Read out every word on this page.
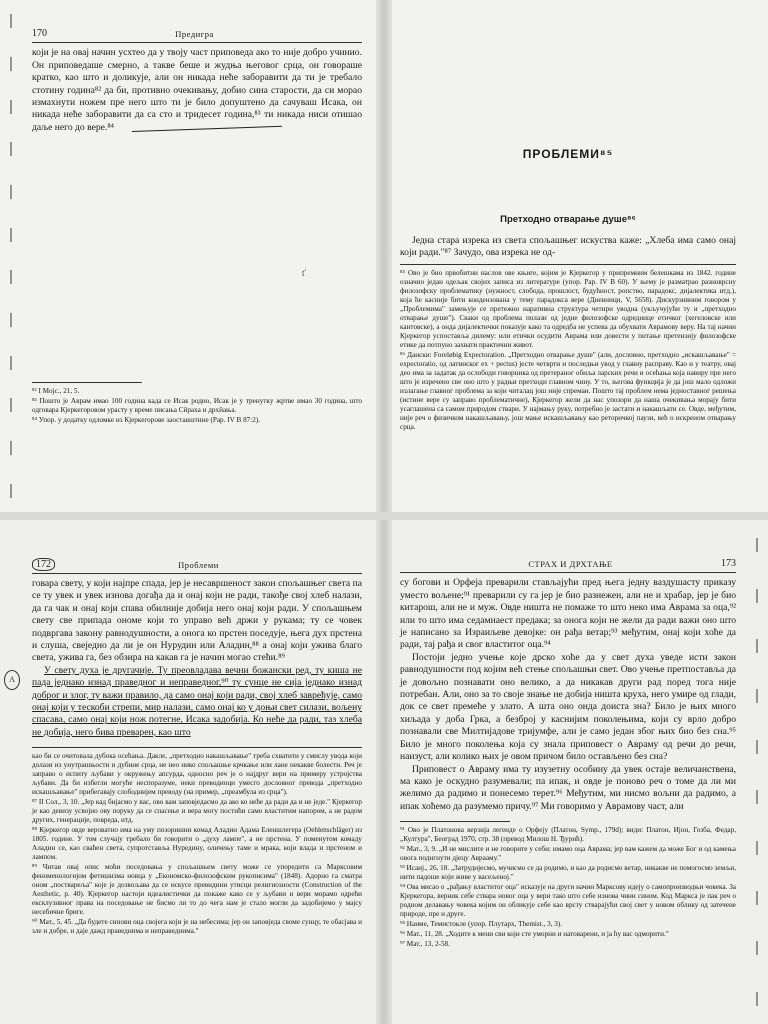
170	Предигра

који је на овај начин усхтео да у твоју част приповеда ако то није добро учинио. Он приповедаше смерно, а такве беше и жудња његовог срца, он говораше кратко, као што и доликује, али он никада неће заборавити да ти је требало стотину година⁸² да би, противно очекивању, добио сина старости, да си морао измахнути ножем пре него што ти је било допуштено да сачуваш Исака, он никада неће заборавити да са сто и тридесет година,⁸³ ти никада ниси отишао даље него до вере.⁸⁴

⁸² I Moјс., 21, 5.

⁸³ Пошто је Аврам имао 100 година када се Исак родио, Исак је у тренутку жртве имао 30 година, што одговара Кјеркегоровом урасту у време писања Сйраха и дрхйања.

⁸⁴ Упор. у додатку одломке из Кјеркегорове заоставштине (Pap. IV B 87:2).

ť
ПРОБЛЕМИ⁸⁵
Претходно отварање душе⁸⁶

Једна стара изрека из света спољашњег искуства каже: „Хлеба има само онај који ради."⁸⁷ Зачудо, ова изрека не од-

⁸⁵ Ово је био првобитни наслов ове књиге, којим је Кјеркегор у припремним белешкама из 1842. године означио један одељак својих записа из литературе (упор. Pap. IV B 60). У њему је разматрао разноврсну филозофску проблематику (нужност, слобода, прошлост, будућност, ропство, парадокс, дијалектика итд.), која ће касније бити кондензована у тему парадокса вере (Дневници, V, 5658). Дискурзивним говором у „Проблемима" замењује се претежно наративна структура четири уводна (укључујући ту и „претходно отварање душе"). Сваки од проблема полази од једне филозофске одреднице етичког (хегеловске или кантовске), а онда дијалектички показује како та одредба не успева да обухвати Аврамову веру. На тај начин Кјеркегор успоставља дилему: или етички осудити Аврама или довести у питање претензију филозофске етике да потпуно захвати практични живот.

⁸⁶ Дански: Foreløbig Expectoration. „Претходно отварање душе" (али, дословно, претходно „искашљавање" = expectoratio, од латинског ex + pectus) јесте четврти и последњи увод у главну расправу. Као и у театру, овај део има за задатак да ослободи говорника од претераног обиља ларских речи и осећања која навиру пре него што је изречено све оно што у радњи претходи главном чину. У то, његова функција је да још мало одложи излагање главног проблема за који читалац још није спреман. Пошто тај проблем нема једноставног решења (истине вере су заправо проблематичне), Кјеркегор жели да нас упозори да наша очекивања морају бити усаглашена са самом природом ствари. У најмању руку, потребно је застати и накашљати се. Овде, међутим, није реч о физичком накашљавању, још мање искашљавању као реторичкој паузи, већ о искреном отварању срца.

172	Проблеми

говара свету, у који најпре спада, јер је несавршеност закон спољашњег света па се ту увек и увек изнова догађа да и онај који не ради, такође свој хлеб налази, да га чак и онај који спава обилније добија него онај који ради. У спољашњем свету све припада ономе који то управо већ држи у рукама; ту се човек подвргава закону равнодушности, а онога ко прстен поседује, њега дух прстена и слуша, свеједно да ли је он Нурудин или Аладин,⁸⁸ а онај који ужива благо света, ужива га, без обзира на какав га је начин могао стећи.⁸⁹

У свету духа је другачије. Ту преовладава вечни божански ред, ту киша не пада једнако изнад праведног и неправедног,⁹⁰ ту сунце не сија једнако изнад доброг и злог, ту важи правило, да само онај који ради, свој хлеб заврећује, само онај који у тескоби стрепи, мир налази, само онај ко у доњи свет силази, вољену спасава, само онај који нож потегне, Исака задобија. Ко неће да ради, таз хлеба не добија, него бива преварен, као што

као би се очитовала дубока осећања. Дакле, „претходно накашљавање" треба схватити у смислу увода који долази из унутрашњости и дубине срца, не нео нико спољашње крчкање или лане некакве болести. Реч је заправо о испиту љубави у окружењу апсурда, односно реч је о најдруг вери на примеру устројства љубави. Да би избегли могуће неспоразуме, неки преводиоци умесго дословног превода „претходно искашљавање" прибегавају слободнијем преводу (на пример, „преамбула из срца").

⁸⁷ II Сол., 3, 10. „Јер кад бијасмо у вас, ово вам заповједасмо да ако ко неће да ради да и не једе." Кјеркегор је као девизу усвојио ову поруку да се спасење и вера могу постићи само властитим напором, а не радом других, генерације, повреда, итд.

⁸⁸ Кјеркегор овде вероватно има на уму позоришни комад Аладин Адама Еленшлегера (Oehlenschläger) из 1805. године. У том случају требало би говорити о „духу лампе", а не прстена. У поменутом комаду Аладин се, као сваћен света, супротстављa Нурединy, оличењу таме и мрака, који влада и прстеном и лампом.

⁸⁹ Читав овај опис моћи поседовања у спољашњем свету може се упоредити са Марксовим феноменологијом фетишизма новца у „Економско-филозофским рукописима" (1848). Адорно га сматра оном „поствареља" које је дозвољава да се искусе превидини утисци религиозности (Construction of the Aesthetic, p. 40). Кјеркегор настоји идеалистички да покаже како се у љубави и вери морамо одрећи ексклузивног права на поседовање не бисмо ли то до чега нам је стало могли да задобијемо у мајсу несебичне бриге.

⁹⁰ Мат., 5, 45. „Да будете синови оца својега који је на небесима; јер он заповједа своме сунцу, те обасјава и зле и добре, и даје дажд праведнима и неправеднима."

СТРАХ И ДРХТАЊЕ	173

су богови и Орфеја преварили стављајући пред њега једну ваздушасту приказу уместо вољене;⁹¹ преварили су га јер је био разнежен, али не и храбар, јер је био китарош, али не и муж. Овде ништа не помаже то што неко има Аврама за оца,⁹² или то што има седамнаест предака; за онога који не жели да ради важи оно што је написано за Израиљеве девојке: он рађа ветар;⁹³ међутим, онај који хоће да ради, тај рађа и свог властитог оца.⁹⁴

Постоји једно учење које дрско хоће да у свет духа уведе исти закон равнодушности под којим већ стење спољашњи свет. Ово учење претпоставља да је довољно познавати оно велико, а да никакав други рад поред тога није потребан. Али, оно за то своје знање не добија ништа круха, него умире од глади, док се свет прeмеће у злато. А шта оно онда доиста зна? Било је њих много хиљада у доба Грка, а безброј у каснијим поколењима, који су врло добро познавали све Милтијадове тријумфе, али је само један због њих био без сна.⁹⁵ Било је много поколења која су знала приповест о Авраму од речи до речи, наизуст, али колико њих је овом причом било остављено без сна?

Приповест о Авраму има ту изузетну особину да увек остаје величанствена, ма како је оскудно разумевали; па ипак, и овде је поново реч о томе да ли ми желимо да радимо и понесемо терет.⁹⁶ Међутим, ми нисмо вољни да радимо, а ипак хоћемо да разумемо причу.⁹⁷ Ми говоримо у Аврамову част, али

⁹¹ Ово је Платонова верзија легенде о Орфеју (Платон, Symp., 179d); види: Платон, Ијон, Гозба, Федар, „Култура", Београд 1970, стр. 38 (превод Милош Н. Ђурић).

⁹² Мат., 3, 9. „И не мислите и не говорите у себи: имамо оца Аврама; јер вам кажем да може Бог и од камења овога подигнути дјецу Аврааму."

⁹³ Исаиј., 26, 18. „Затруднјесмо, мучисмо се да родимо, и као да родисмо ветар, никакве не помогосмо земљи, нити падоше који живе у васељеној."

⁹⁴ Ова мисао о „рађању властитог оца" исказује на други начин Марксову идеју о самопроизводњи човека. За Кјеркегора, верник себе ствара новог оца у вери тако што себе изнова чини сином. Код Маркса је пак реч о родном делавању човека којим он обликује себе као врсту стварајући свој свет у новом облику од затечене природе, пре и друге.

⁹⁵ Наиме, Темистокле (упор. Плутарх, Themist., 3, 3).

⁹⁶ Мат., 11, 28. „Ходите к мени сви који сте уморни и натоварени, и ја ћу вас одморити."

⁹⁷ Мат., 13, 2-58.

A
